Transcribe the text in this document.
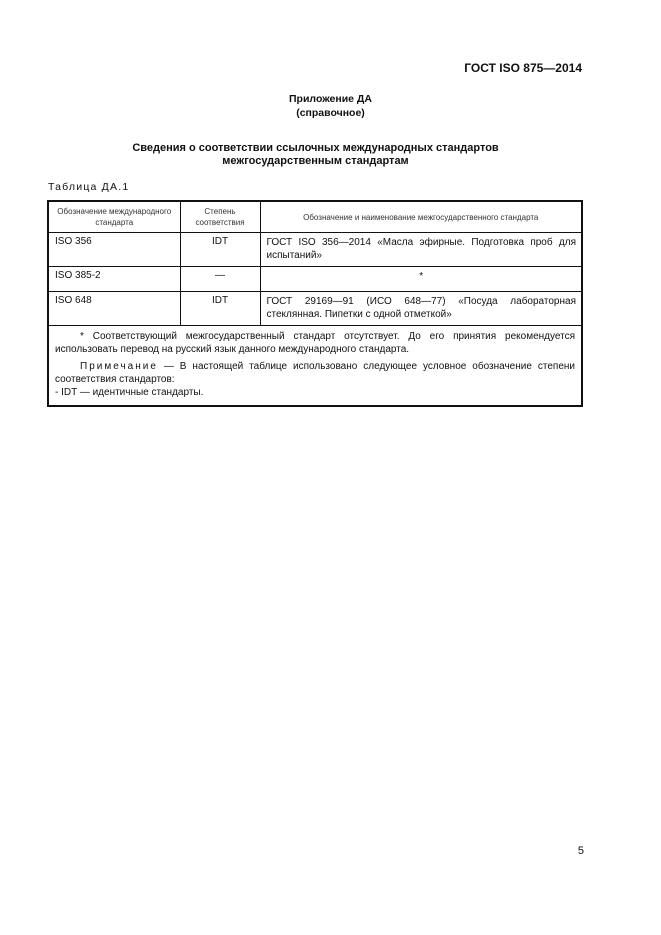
ГОСТ ISO 875—2014
Приложение ДА
(справочное)
Сведения о соответствии ссылочных международных стандартов
межгосударственным стандартам
Таблица ДА.1
Обозначение международного стандарта	Степень соответствия	Обозначение и наименование межгосударственного стандарта
ISO 356	IDT	ГОСТ ISO 356—2014 «Масла эфирные. Подготовка проб для испытаний»
ISO 385-2	—	*
ISO 648	IDT	ГОСТ 29169—91 (ИСО 648—77) «Посуда лабораторная стеклянная. Пипетки с одной отметкой»

* Соответствующий межгосударственный стандарт отсутствует. До его принятия рекомендуется использовать перевод на русский язык данного международного стандарта.

Примечание — В настоящей таблице использовано следующее условное обозначение степени соответствия стандартов:

- IDT — идентичные стандарты.		

5
